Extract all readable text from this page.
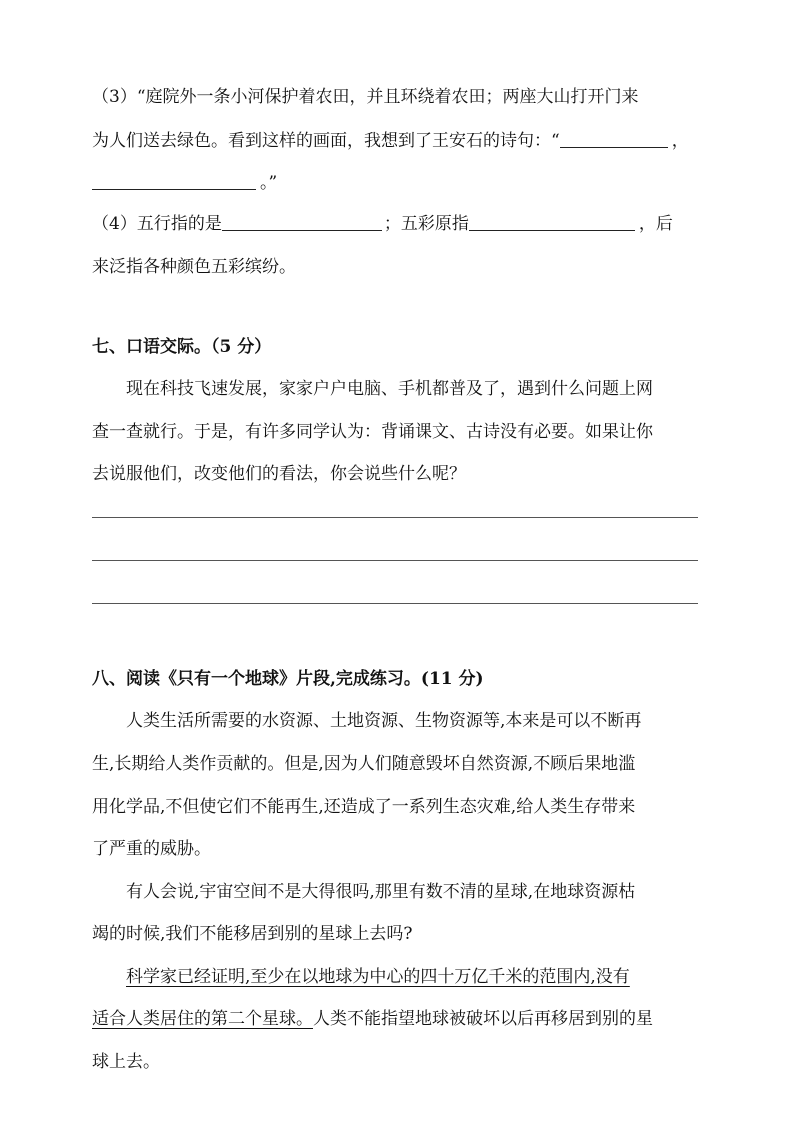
（3）“庭院外一条小河保护着农田，并且环绕着农田；两座大山打开门来
为人们送去绿色。看到这样的画面，我想到了王安石的诗句：“	，
。”
（4）五行指的是	；五彩原指	，后
来泛指各种颜色五彩缤纷。
七、口语交际。（5 分）
现在科技飞速发展，家家户户电脑、手机都普及了，遇到什么问题上网
查一查就行。于是，有许多同学认为：背诵课文、古诗没有必要。如果让你
去说服他们，改变他们的看法，你会说些什么呢？
八、阅读《只有一个地球》片段,完成练习。(11 分)
人类生活所需要的水资源、土地资源、生物资源等,本来是可以不断再
生,长期给人类作贡献的。但是,因为人们随意毁坏自然资源,不顾后果地滥
用化学品,不但使它们不能再生,还造成了一系列生态灾难,给人类生存带来
了严重的威胁。
有人会说,宇宙空间不是大得很吗,那里有数不清的星球,在地球资源枯
竭的时候,我们不能移居到别的星球上去吗?
科学家已经证明,至少在以地球为中心的四十万亿千米的范围内,没有
适合人类居住的第二个星球。人类不能指望地球被破坏以后再移居到别的星
球上去。
